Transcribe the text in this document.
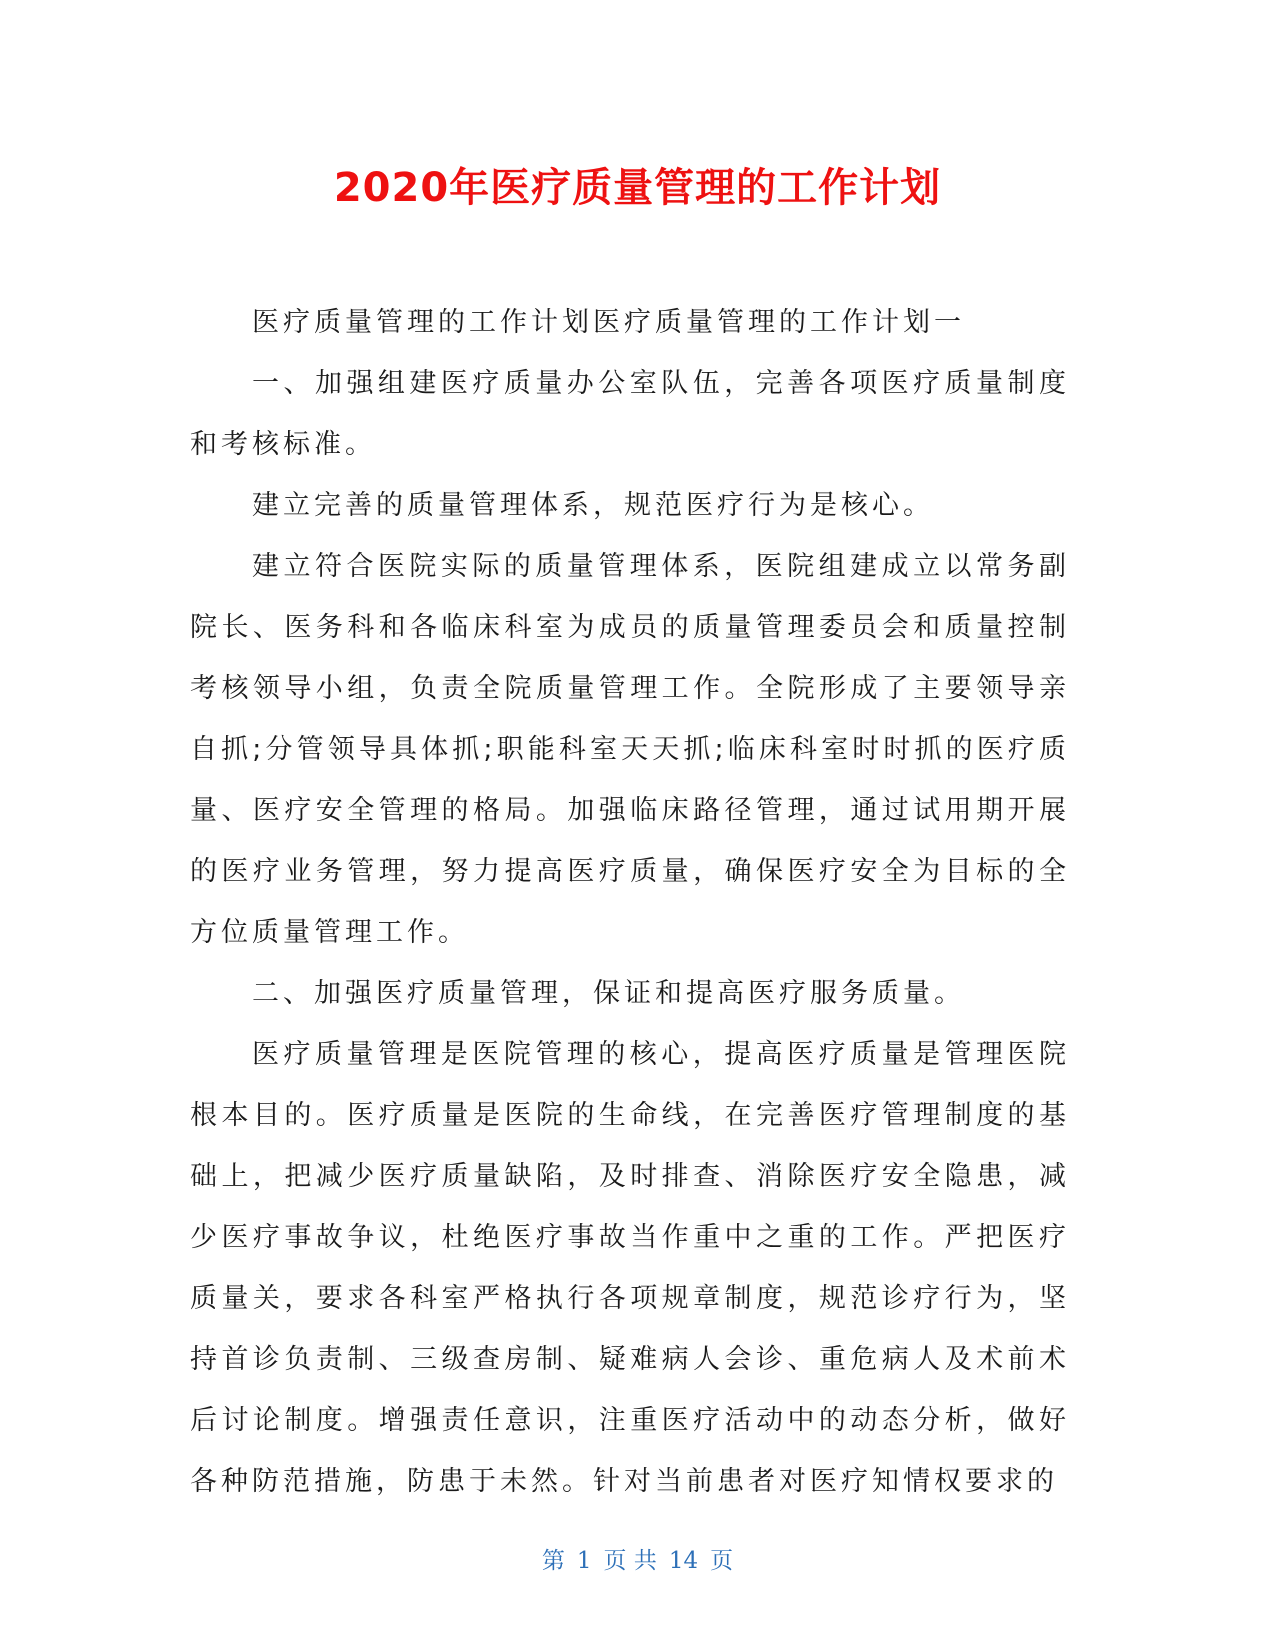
2020年医疗质量管理的工作计划

医疗质量管理的工作计划医疗质量管理的工作计划一

一、加强组建医疗质量办公室队伍，完善各项医疗质量制度和考核标准。

建立完善的质量管理体系，规范医疗行为是核心。

建立符合医院实际的质量管理体系，医院组建成立以常务副院长、医务科和各临床科室为成员的质量管理委员会和质量控制考核领导小组，负责全院质量管理工作。全院形成了主要领导亲自抓;分管领导具体抓;职能科室天天抓;临床科室时时抓的医疗质量、医疗安全管理的格局。加强临床路径管理，通过试用期开展的医疗业务管理，努力提高医疗质量，确保医疗安全为目标的全方位质量管理工作。

二、加强医疗质量管理，保证和提高医疗服务质量。

医疗质量管理是医院管理的核心，提高医疗质量是管理医院根本目的。医疗质量是医院的生命线，在完善医疗管理制度的基础上，把减少医疗质量缺陷，及时排查、消除医疗安全隐患，减少医疗事故争议，杜绝医疗事故当作重中之重的工作。严把医疗质量关，要求各科室严格执行各项规章制度，规范诊疗行为，坚持首诊负责制、三级查房制、疑难病人会诊、重危病人及术前术后讨论制度。增强责任意识，注重医疗活动中的动态分析，做好各种防范措施，防患于未然。针对当前患者对医疗知情权要求的

第 1 页 共 14 页
